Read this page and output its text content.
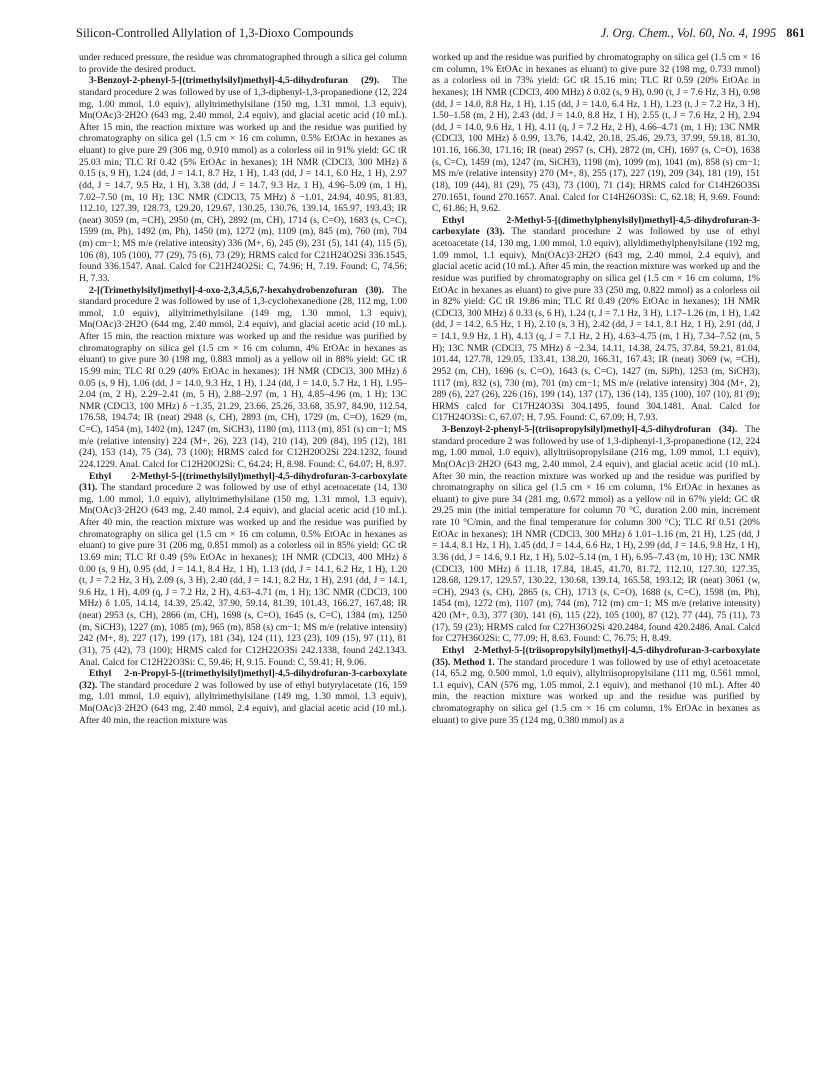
Silicon-Controlled Allylation of 1,3-Dioxo Compounds	J. Org. Chem., Vol. 60, No. 4, 1995 861

under reduced pressure, the residue was chromatographed through a silica gel column to provide the desired product.

3-Benzoyl-2-phenyl-5-[(trimethylsilyl)methyl]-4,5-dihydrofuran (29). The standard procedure 2 was followed by use of 1,3-diphenyl-1,3-propanedione (12, 224 mg, 1.00 mmol, 1.0 equiv), allyltrimethylsilane (150 mg, 1.31 mmol, 1.3 equiv), Mn(OAc)3·2H2O (643 mg, 2.40 mmol, 2.4 equiv), and glacial acetic acid (10 mL). After 15 min, the reaction mixture was worked up and the residue was purified by chromatography on silica gel (1.5 cm × 16 cm column, 0.5% EtOAc in hexanes as eluant) to give pure 29 (306 mg, 0.910 mmol) as a colorless oil in 91% yield: GC tR 25.03 min; TLC Rf 0.42 (5% EtOAc in hexanes); 1H NMR (CDCl3, 300 MHz) δ 0.15 (s, 9 H), 1.24 (dd, J = 14.1, 8.7 Hz, 1 H), 1.43 (dd, J = 14.1, 6.0 Hz, 1 H), 2.97 (dd, J = 14.7, 9.5 Hz, 1 H), 3.38 (dd, J = 14.7, 9.3 Hz, 1 H), 4.96–5.09 (m, 1 H), 7.02–7.50 (m, 10 H); 13C NMR (CDCl3, 75 MHz) δ −1.01, 24.94, 40.95, 81.83, 112.10, 127.39, 128.73, 129.20, 129.67, 130.25, 130.76, 139.14, 165.97, 193.43; IR (neat) 3059 (m, =CH), 2950 (m, CH), 2892 (m, CH), 1714 (s, C=O), 1683 (s, C=C), 1599 (m, Ph), 1492 (m, Ph), 1450 (m), 1272 (m), 1109 (m), 845 (m), 760 (m), 704 (m) cm−1; MS m/e (relative intensity) 336 (M+, 6), 245 (9), 231 (5), 141 (4), 115 (5), 106 (8), 105 (100), 77 (29), 75 (6), 73 (29); HRMS calcd for C21H24O2Si 336.1545, found 336.1547. Anal. Calcd for C21H24O2Si: C, 74.96; H, 7.19. Found: C, 74.56; H, 7.33.

2-[(Trimethylsilyl)methyl]-4-oxo-2,3,4,5,6,7-hexahydrobenzofuran (30). The standard procedure 2 was followed by use of 1,3-cyclohexanedione (28, 112 mg, 1.00 mmol, 1.0 equiv), allyltrimethylsilane (149 mg, 1.30 mmol, 1.3 equiv), Mn(OAc)3·2H2O (644 mg, 2.40 mmol, 2.4 equiv), and glacial acetic acid (10 mL). After 15 min, the reaction mixture was worked up and the residue was purified by chromatography on silica gel (1.5 cm × 16 cm column, 4% EtOAc in hexanes as eluant) to give pure 30 (198 mg, 0.883 mmol) as a yellow oil in 88% yield: GC tR 15.99 min; TLC Rf 0.29 (40% EtOAc in hexanes); 1H NMR (CDCl3, 300 MHz) δ 0.05 (s, 9 H), 1.06 (dd, J = 14.0, 9.3 Hz, 1 H), 1.24 (dd, J = 14.0, 5.7 Hz, 1 H), 1.95–2.04 (m, 2 H), 2.29–2.41 (m, 5 H), 2.88–2.97 (m, 1 H), 4.85–4.96 (m, 1 H); 13C NMR (CDCl3, 100 MHz) δ −1.35, 21.29, 23.66, 25.26, 33.68, 35.97, 84.90, 112.54, 176.58, 194.74; IR (neat) 2948 (s, CH), 2893 (m, CH), 1729 (m, C=O), 1629 (m, C=C), 1454 (m), 1402 (m), 1247 (m, SiCH3), 1180 (m), 1113 (m), 851 (s) cm−1; MS m/e (relative intensity) 224 (M+, 26), 223 (14), 210 (14), 209 (84), 195 (12), 181 (24), 153 (14), 75 (34), 73 (100); HRMS calcd for C12H20O2Si 224.1232, found 224.1229. Anal. Calcd for C12H20O2Si: C, 64.24; H, 8.98. Found: C, 64.07; H, 8.97.

Ethyl 2-Methyl-5-[(trimethylsilyl)methyl]-4,5-dihydrofuran-3-carboxylate (31). The standard procedure 2 was followed by use of ethyl acetoacetate (14, 130 mg, 1.00 mmol, 1.0 equiv), allyltrimethylsilane (150 mg, 1.31 mmol, 1.3 equiv), Mn(OAc)3·2H2O (643 mg, 2.40 mmol, 2.4 equiv), and glacial acetic acid (10 mL). After 40 min, the reaction mixture was worked up and the residue was purified by chromatography on silica gel (1.5 cm × 16 cm column, 0.5% EtOAc in hexanes as eluant) to give pure 31 (206 mg, 0.851 mmol) as a colorless oil in 85% yield: GC tR 13.69 min; TLC Rf 0.49 (5% EtOAc in hexanes); 1H NMR (CDCl3, 400 MHz) δ 0.00 (s, 9 H), 0.95 (dd, J = 14.1, 8.4 Hz, 1 H), 1.13 (dd, J = 14.1, 6.2 Hz, 1 H), 1.20 (t, J = 7.2 Hz, 3 H), 2.09 (s, 3 H), 2.40 (dd, J = 14.1, 8.2 Hz, 1 H), 2.91 (dd, J = 14.1, 9.6 Hz, 1 H), 4.09 (q, J = 7.2 Hz, 2 H), 4.63–4.71 (m, 1 H); 13C NMR (CDCl3, 100 MHz) δ 1.05, 14.14, 14.39, 25.42, 37.90, 59.14, 81.39, 101.43, 166.27, 167.48; IR (neat) 2953 (s, CH), 2866 (m, CH), 1698 (s, C=O), 1645 (s, C=C), 1384 (m), 1250 (m, SiCH3), 1227 (m), 1085 (m), 965 (m), 858 (s) cm−1; MS m/e (relative intensity) 242 (M+, 8), 227 (17), 199 (17), 181 (34), 124 (11), 123 (23), 109 (15), 97 (11), 81 (31), 75 (42), 73 (100); HRMS calcd for C12H22O3Si 242.1338, found 242.1343. Anal. Calcd for C12H22O3Si: C, 59.46; H, 9.15. Found: C, 59.41; H, 9.06.

Ethyl 2-n-Propyl-5-[(trimethylsilyl)methyl]-4,5-dihydrofuran-3-carboxylate (32). The standard procedure 2 was followed by use of ethyl butyrylacetate (16, 159 mg, 1.01 mmol, 1.0 equiv), allyltrimethylsilane (149 mg, 1.30 mmol, 1.3 equiv), Mn(OAc)3·2H2O (643 mg, 2.40 mmol, 2.4 equiv), and glacial acetic acid (10 mL). After 40 min, the reaction mixture was

worked up and the residue was purified by chromatography on silica gel (1.5 cm × 16 cm column, 1% EtOAc in hexanes as eluant) to give pure 32 (198 mg, 0.733 mmol) as a colorless oil in 73% yield: GC tR 15.16 min; TLC Rf 0.59 (20% EtOAc in hexanes); 1H NMR (CDCl3, 400 MHz) δ 0.02 (s, 9 H), 0.90 (t, J = 7.6 Hz, 3 H), 0.98 (dd, J = 14.0, 8.8 Hz, 1 H), 1.15 (dd, J = 14.0, 6.4 Hz, 1 H), 1.23 (t, J = 7.2 Hz, 3 H), 1.50–1.58 (m, 2 H), 2.43 (dd, J = 14.0, 8.8 Hz, 1 H), 2.55 (t, J = 7.6 Hz, 2 H), 2.94 (dd, J = 14.0, 9.6 Hz, 1 H), 4.11 (q, J = 7.2 Hz, 2 H), 4.66–4.71 (m, 1 H); 13C NMR (CDCl3, 100 MHz) δ 0.99, 13.76, 14.42, 20.18, 25.46, 29.73, 37.99, 59.18, 81.30, 101.16, 166.30, 171.16; IR (neat) 2957 (s, CH), 2872 (m, CH), 1697 (s, C=O), 1638 (s, C=C), 1459 (m), 1247 (m, SiCH3), 1198 (m), 1099 (m), 1041 (m), 858 (s) cm−1; MS m/e (relative intensity) 270 (M+, 8), 255 (17), 227 (19), 209 (34), 181 (19), 151 (18), 109 (44), 81 (29), 75 (43), 73 (100), 71 (14); HRMS calcd for C14H26O3Si 270.1651, found 270.1657. Anal. Calcd for C14H26O3Si: C, 62.18; H, 9.69. Found: C, 61.86; H, 9.62.

Ethyl 2-Methyl-5-[(dimethylphenylsilyl)methyl]-4,5-dihydrofuran-3-carboxylate (33). The standard procedure 2 was followed by use of ethyl acetoacetate (14, 130 mg, 1.00 mmol, 1.0 equiv), allyldimethylphenylsilane (192 mg, 1.09 mmol, 1.1 equiv), Mn(OAc)3·2H2O (643 mg, 2.40 mmol, 2.4 equiv), and glacial acetic acid (10 mL). After 45 min, the reaction mixture was worked up and the residue was purified by chromatography on silica gel (1.5 cm × 16 cm column, 1% EtOAc in hexanes as eluant) to give pure 33 (250 mg, 0.822 mmol) as a colorless oil in 82% yield: GC tR 19.86 min; TLC Rf 0.49 (20% EtOAc in hexanes); 1H NMR (CDCl3, 300 MHz) δ 0.33 (s, 6 H), 1.24 (t, J = 7.1 Hz, 3 H), 1.17–1.26 (m, 1 H), 1.42 (dd, J = 14.2, 6.5 Hz, 1 H), 2.10 (s, 3 H), 2.42 (dd, J = 14.1, 8.1 Hz, 1 H), 2.91 (dd, J = 14.1, 9.9 Hz, 1 H), 4.13 (q, J = 7.1 Hz, 2 H), 4.63–4.75 (m, 1 H), 7.34–7.52 (m, 5 H); 13C NMR (CDCl3, 75 MHz) δ −2.34, 14.11, 14.38, 24.75, 37.84, 59.21, 81.04, 101.44, 127.78, 129.05, 133.41, 138.20, 166.31, 167.43; IR (neat) 3069 (w, =CH), 2952 (m, CH), 1696 (s, C=O), 1643 (s, C=C), 1427 (m, SiPh), 1253 (m, SiCH3), 1117 (m), 832 (s), 730 (m), 701 (m) cm−1; MS m/e (relative intensity) 304 (M+, 2), 289 (6), 227 (26), 226 (16), 199 (14), 137 (17), 136 (14), 135 (100), 107 (10), 81 (9); HRMS calcd for C17H24O3Si 304.1495, found 304.1481. Anal. Calcd for C17H24O3Si: C, 67.07; H, 7.95. Found: C, 67.09; H, 7.93.

3-Benzoyl-2-phenyl-5-[(triisopropylsilyl)methyl]-4,5-dihydrofuran (34). The standard procedure 2 was followed by use of 1,3-diphenyl-1,3-propanedione (12, 224 mg, 1.00 mmol, 1.0 equiv), allyltriisopropylsilane (216 mg, 1.09 mmol, 1.1 equiv), Mn(OAc)3·2H2O (643 mg, 2.40 mmol, 2.4 equiv), and glacial acetic acid (10 mL). After 30 min, the reaction mixture was worked up and the residue was purified by chromatography on silica gel (1.5 cm × 16 cm column, 1% EtOAc in hexanes as eluant) to give pure 34 (281 mg, 0.672 mmol) as a yellow oil in 67% yield: GC tR 29.25 min (the initial temperature for column 70 °C, duration 2.00 min, increment rate 10 °C/min, and the final temperature for column 300 °C); TLC Rf 0.51 (20% EtOAc in hexanes); 1H NMR (CDCl3, 300 MHz) δ 1.01–1.16 (m, 21 H), 1.25 (dd, J = 14.4, 8.1 Hz, 1 H), 1.45 (dd, J = 14.4, 6.6 Hz, 1 H), 2.99 (dd, J = 14.6, 9.8 Hz, 1 H), 3.36 (dd, J = 14.6, 9.1 Hz, 1 H), 5.02–5.14 (m, 1 H), 6.95–7.43 (m, 10 H); 13C NMR (CDCl3, 100 MHz) δ 11.18, 17.84, 18.45, 41.70, 81.72, 112.10, 127.30, 127.35, 128.68, 129.17, 129.57, 130.22, 130.68, 139.14, 165.58, 193.12; IR (neat) 3061 (w, =CH), 2943 (s, CH), 2865 (s, CH), 1713 (s, C=O), 1688 (s, C=C), 1598 (m, Ph), 1454 (m), 1272 (m), 1107 (m), 744 (m), 712 (m) cm−1; MS m/e (relative intensity) 420 (M+, 0.3), 377 (30), 141 (6), 115 (22), 105 (100), 87 (12), 77 (44), 75 (11), 73 (17), 59 (23); HRMS calcd for C27H36O2Si 420.2484, found 420.2486. Anal. Calcd for C27H36O2Si: C, 77.09; H, 8.63. Found: C, 76.75; H, 8.49.

Ethyl 2-Methyl-5-[(triisopropylsilyl)methyl]-4,5-dihydrofuran-3-carboxylate (35). Method 1. The standard procedure 1 was followed by use of ethyl acetoacetate (14, 65.2 mg, 0.500 mmol, 1.0 equiv), allyltriisopropylsilane (111 mg, 0.561 mmol, 1.1 equiv), CAN (576 mg, 1.05 mmol, 2.1 equiv), and methanol (10 mL). After 40 min, the reaction mixture was worked up and the residue was purified by chromatography on silica gel (1.5 cm × 16 cm column, 1% EtOAc in hexanes as eluant) to give pure 35 (124 mg, 0.380 mmol) as a
